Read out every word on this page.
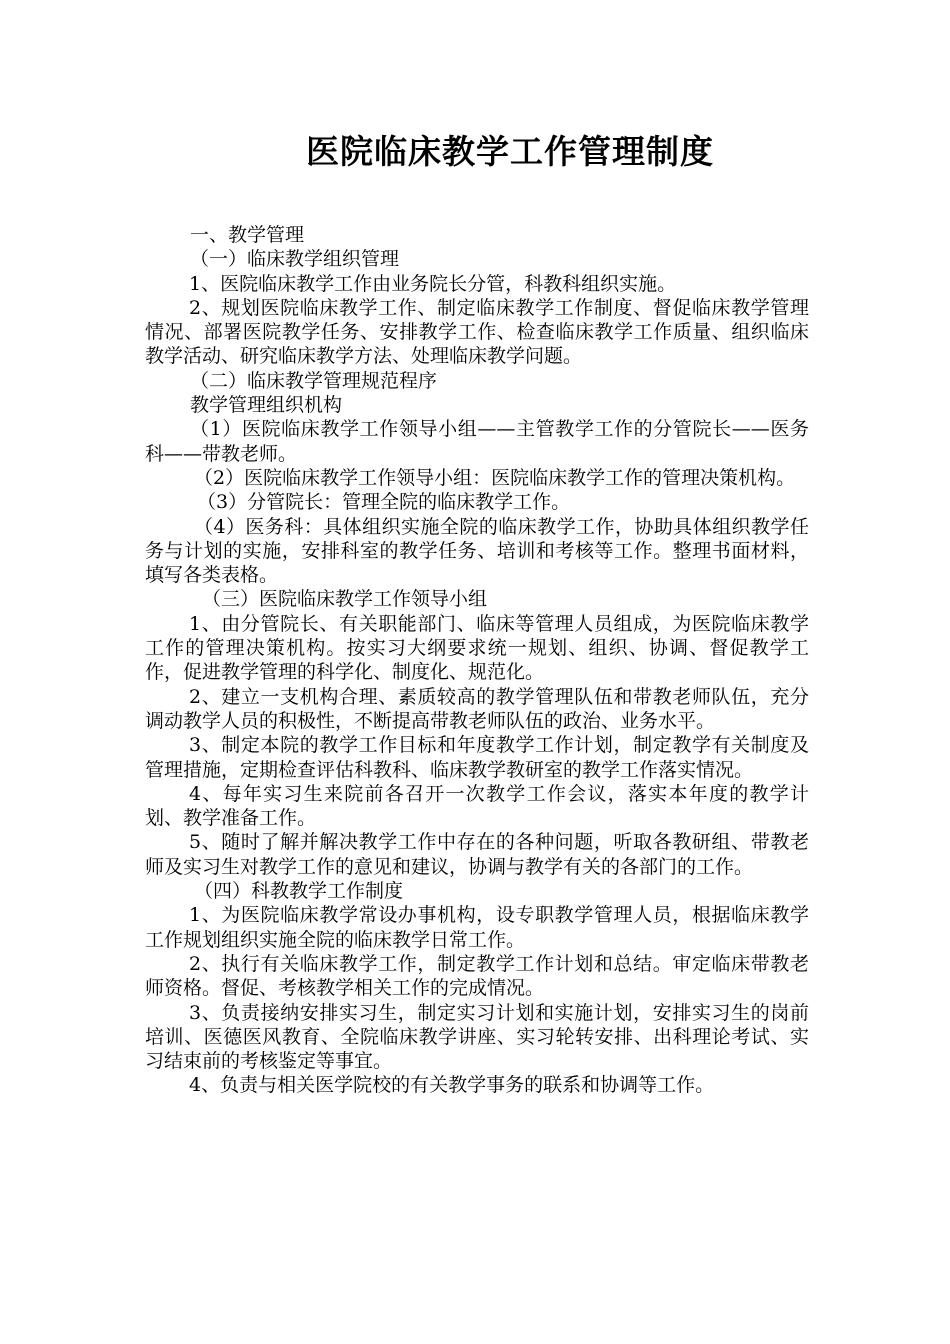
医院临床教学工作管理制度

一、教学管理

（一）临床教学组织管理

1、医院临床教学工作由业务院长分管，科教科组织实施。

2、规划医院临床教学工作、制定临床教学工作制度、督促临床教学管理情况、部署医院教学任务、安排教学工作、检查临床教学工作质量、组织临床教学活动、研究临床教学方法、处理临床教学问题。

（二）临床教学管理规范程序

教学管理组织机构

（1）医院临床教学工作领导小组——主管教学工作的分管院长——医务科——带教老师。

（2）医院临床教学工作领导小组：医院临床教学工作的管理决策机构。

（3）分管院长：管理全院的临床教学工作。

（4）医务科：具体组织实施全院的临床教学工作，协助具体组织教学任务与计划的实施，安排科室的教学任务、培训和考核等工作。整理书面材料，填写各类表格。

（三）医院临床教学工作领导小组

1、由分管院长、有关职能部门、临床等管理人员组成，为医院临床教学工作的管理决策机构。按实习大纲要求统一规划、组织、协调、督促教学工作，促进教学管理的科学化、制度化、规范化。

2、建立一支机构合理、素质较高的教学管理队伍和带教老师队伍，充分调动教学人员的积极性，不断提高带教老师队伍的政治、业务水平。

3、制定本院的教学工作目标和年度教学工作计划，制定教学有关制度及管理措施，定期检查评估科教科、临床教学教研室的教学工作落实情况。

4、每年实习生来院前各召开一次教学工作会议，落实本年度的教学计划、教学准备工作。

5、随时了解并解决教学工作中存在的各种问题，听取各教研组、带教老师及实习生对教学工作的意见和建议，协调与教学有关的各部门的工作。

（四）科教教学工作制度

1、为医院临床教学常设办事机构，设专职教学管理人员，根据临床教学工作规划组织实施全院的临床教学日常工作。

2、执行有关临床教学工作，制定教学工作计划和总结。审定临床带教老师资格。督促、考核教学相关工作的完成情况。

3、负责接纳安排实习生，制定实习计划和实施计划，安排实习生的岗前培训、医德医风教育、全院临床教学讲座、实习轮转安排、出科理论考试、实习结束前的考核鉴定等事宜。

4、负责与相关医学院校的有关教学事务的联系和协调等工作。
